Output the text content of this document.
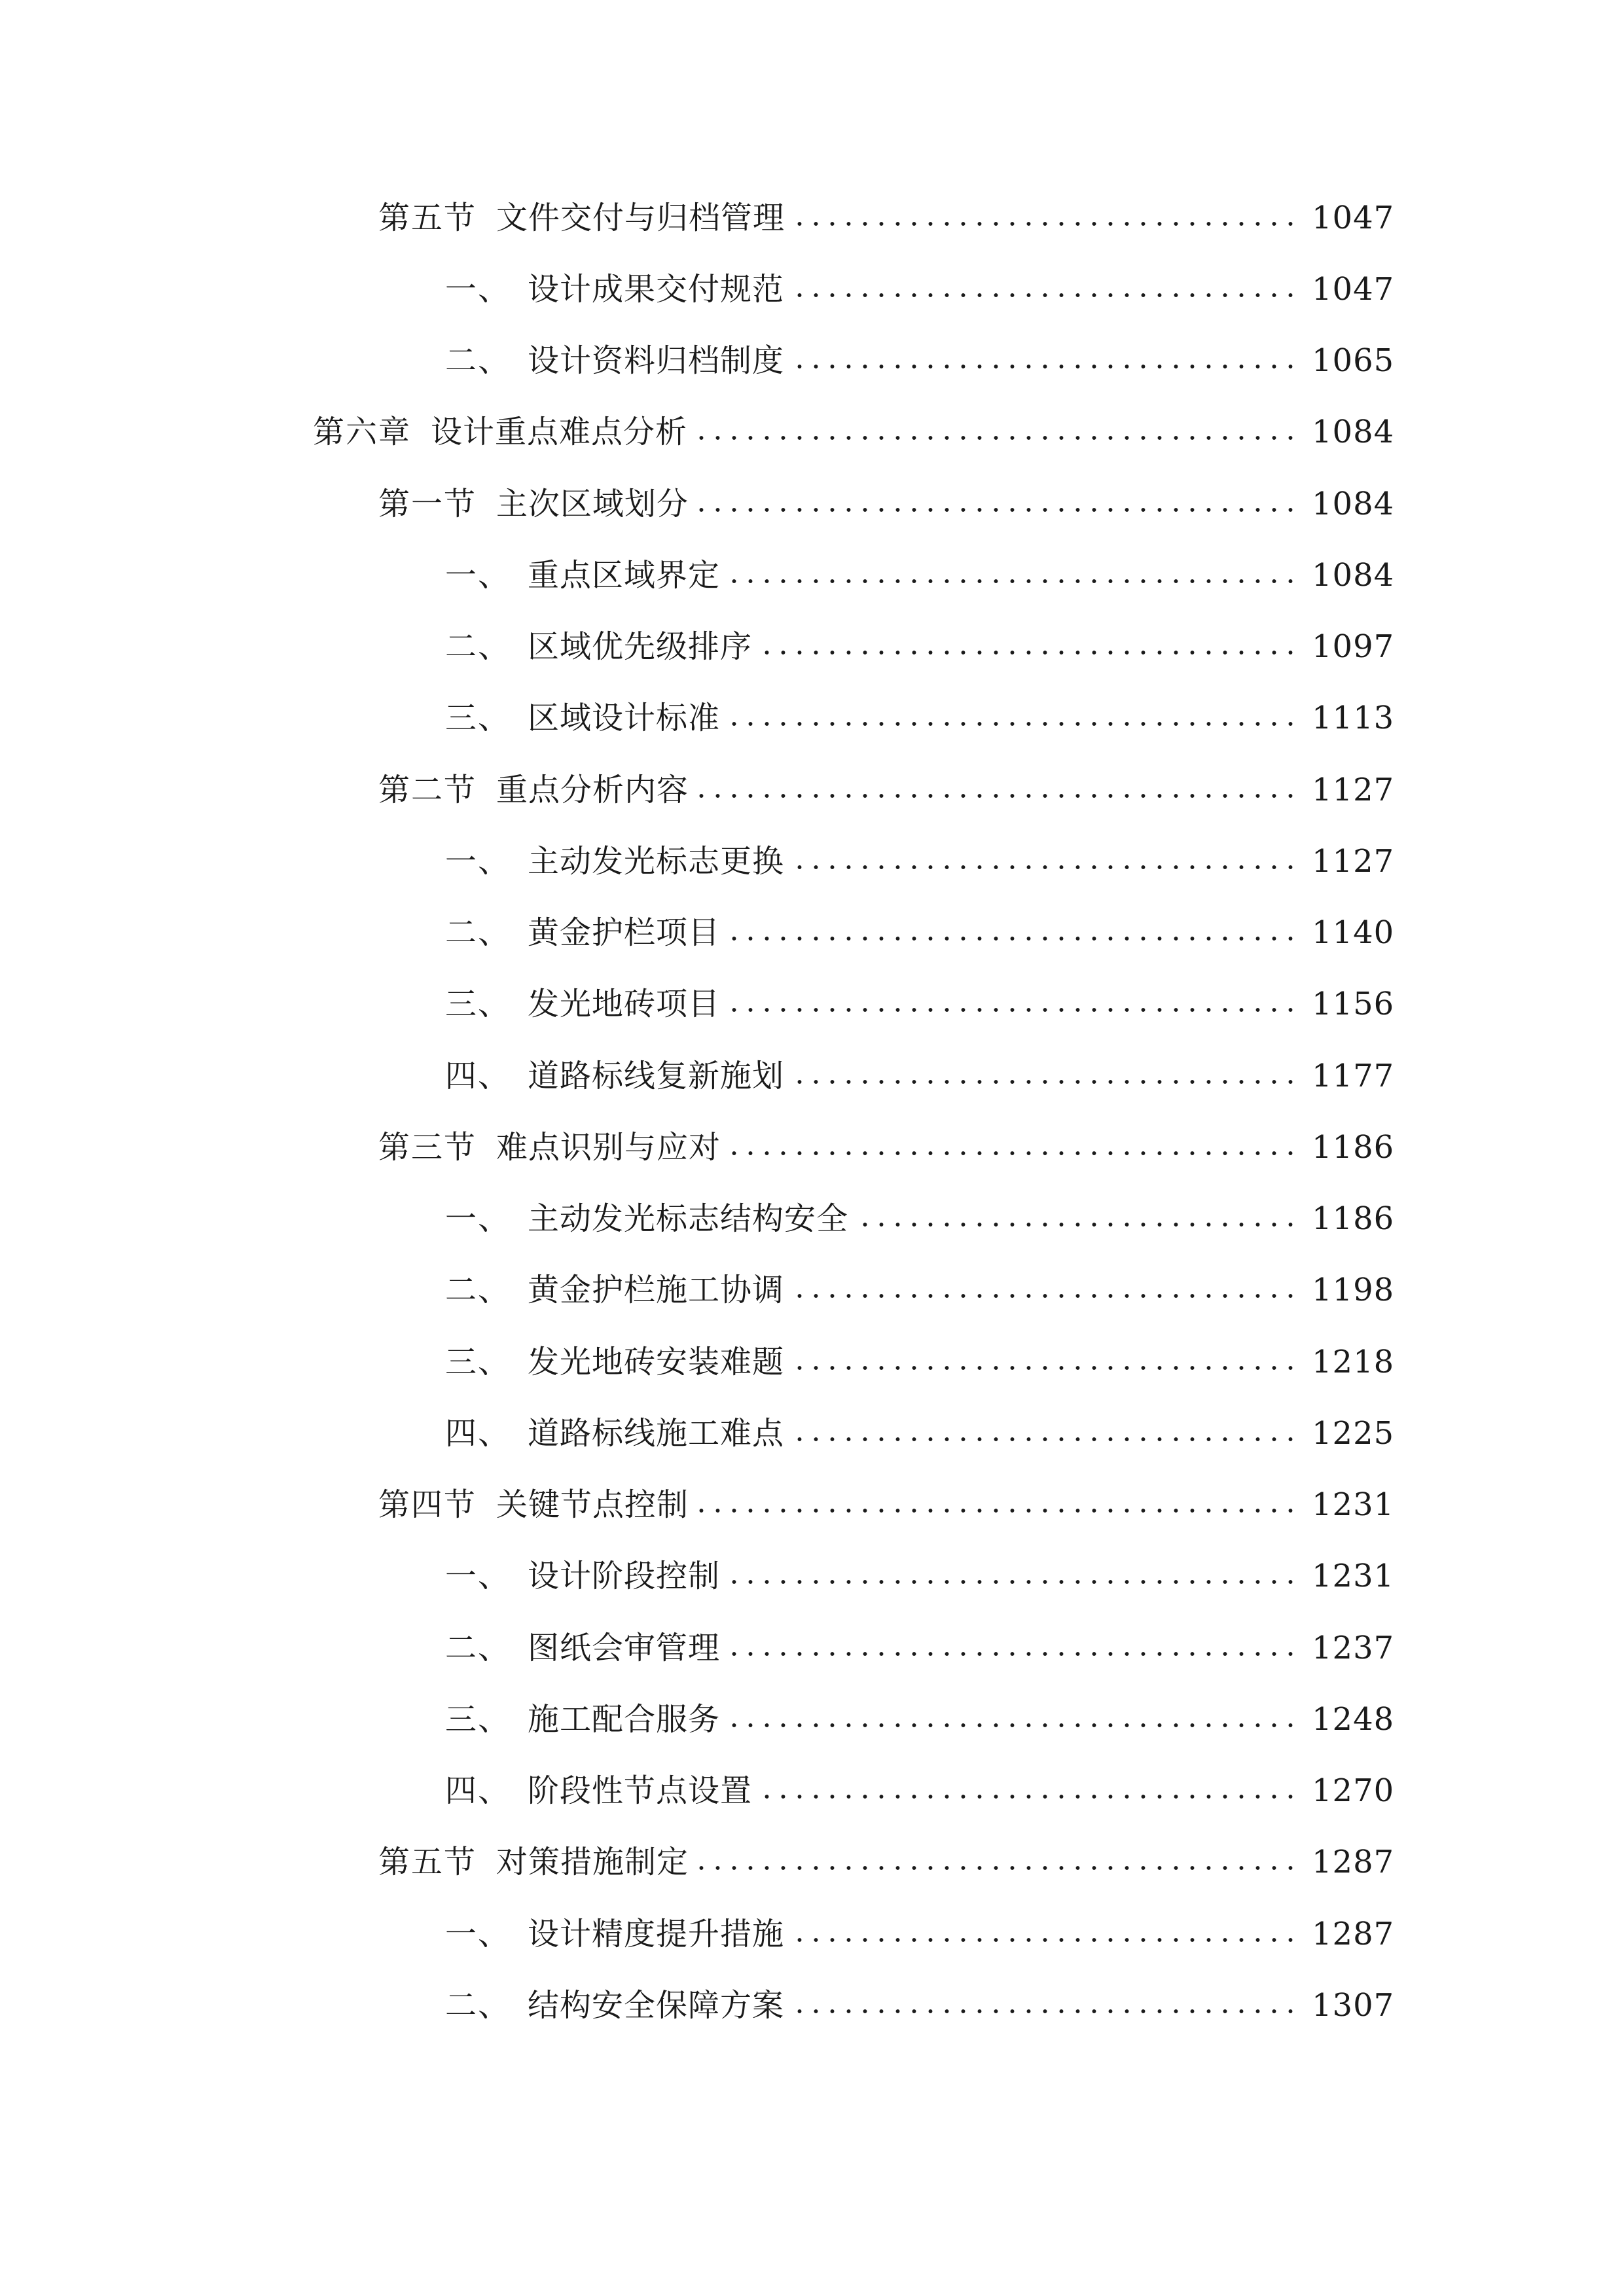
第五节 文件交付与归档管理	1047
一、 设计成果交付规范	1047
二、 设计资料归档制度	1065
第六章 设计重点难点分析	1084
第一节 主次区域划分	1084
一、 重点区域界定	1084
二、 区域优先级排序	1097
三、 区域设计标准	1113
第二节 重点分析内容	1127
一、 主动发光标志更换	1127
二、 黄金护栏项目	1140
三、 发光地砖项目	1156
四、 道路标线复新施划	1177
第三节 难点识别与应对	1186
一、 主动发光标志结构安全	1186
二、 黄金护栏施工协调	1198
三、 发光地砖安装难题	1218
四、 道路标线施工难点	1225
第四节 关键节点控制	1231
一、 设计阶段控制	1231
二、 图纸会审管理	1237
三、 施工配合服务	1248
四、 阶段性节点设置	1270
第五节 对策措施制定	1287
一、 设计精度提升措施	1287
二、 结构安全保障方案	1307
